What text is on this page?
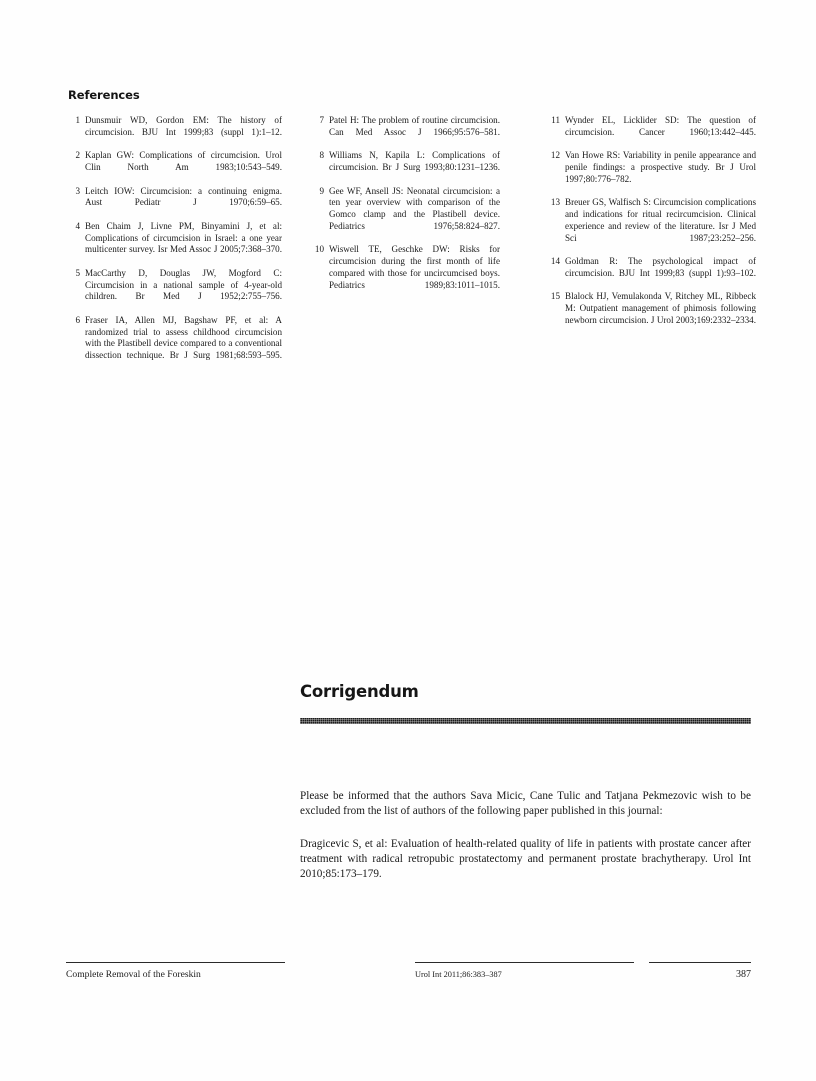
References
1 Dunsmuir WD, Gordon EM: The history of circumcision. BJU Int 1999;83 (suppl 1):1–12.
2 Kaplan GW: Complications of circumcision. Urol Clin North Am 1983;10:543–549.
3 Leitch IOW: Circumcision: a continuing enigma. Aust Pediatr J 1970;6:59–65.
4 Ben Chaim J, Livne PM, Binyamini J, et al: Complications of circumcision in Israel: a one year multicenter survey. Isr Med Assoc J 2005;7:368–370.
5 MacCarthy D, Douglas JW, Mogford C: Circumcision in a national sample of 4-year-old children. Br Med J 1952;2:755–756.
6 Fraser IA, Allen MJ, Bagshaw PF, et al: A randomized trial to assess childhood circumcision with the Plastibell device compared to a conventional dissection technique. Br J Surg 1981;68:593–595.
7 Patel H: The problem of routine circumcision. Can Med Assoc J 1966;95:576–581.
8 Williams N, Kapila L: Complications of circumcision. Br J Surg 1993;80:1231–1236.
9 Gee WF, Ansell JS: Neonatal circumcision: a ten year overview with comparison of the Gomco clamp and the Plastibell device. Pediatrics 1976;58:824–827.
10 Wiswell TE, Geschke DW: Risks for circumcision during the first month of life compared with those for uncircumcised boys. Pediatrics 1989;83:1011–1015.
11 Wynder EL, Licklider SD: The question of circumcision. Cancer 1960;13:442–445.
12 Van Howe RS: Variability in penile appearance and penile findings: a prospective study. Br J Urol 1997;80:776–782.
13 Breuer GS, Walfisch S: Circumcision complications and indications for ritual recircumcision. Clinical experience and review of the literature. Isr J Med Sci 1987;23:252–256.
14 Goldman R: The psychological impact of circumcision. BJU Int 1999;83 (suppl 1):93–102.
15 Blalock HJ, Vemulakonda V, Ritchey ML, Ribbeck M: Outpatient management of phimosis following newborn circumcision. J Urol 2003;169:2332–2334.
Corrigendum

Please be informed that the authors Sava Micic, Cane Tulic and Tatjana Pekmezovic wish to be excluded from the list of authors of the following paper published in this journal:

Dragicevic S, et al: Evaluation of health-related quality of life in patients with prostate cancer after treatment with radical retropubic prostatectomy and permanent prostate brachytherapy. Urol Int 2010;85:173–179.

Complete Removal of the Foreskin	Urol Int 2011;86:383–387	387
